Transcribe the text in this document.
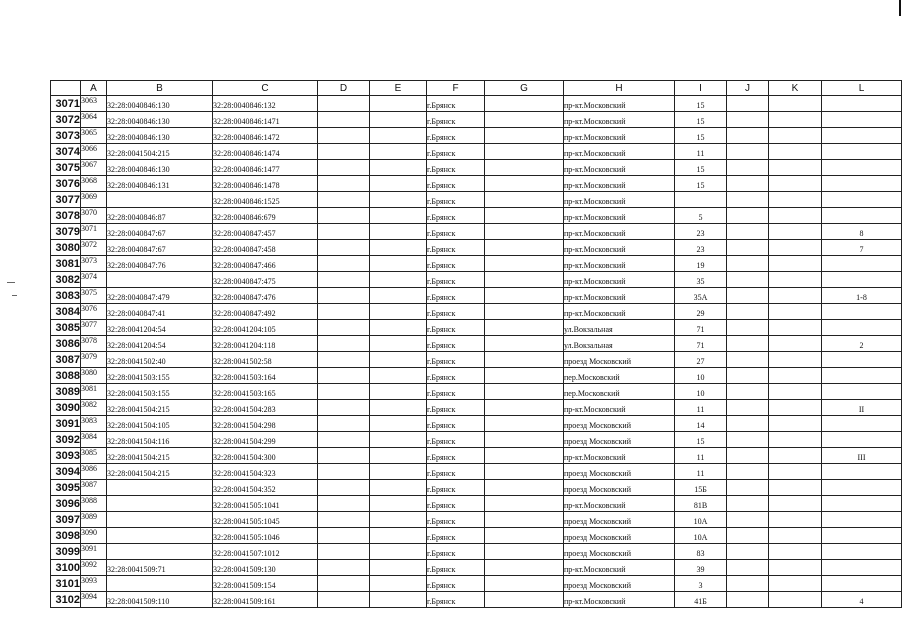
	A	B	C	D	E	F	G	H	I	J	K	L
3071	3063	32:28:0040846:130	32:28:0040846:132			г.Брянск		пр-кт.Московский	15			
3072	3064	32:28:0040846:130	32:28:0040846:1471			г.Брянск		пр-кт.Московский	15			
3073	3065	32:28:0040846:130	32:28:0040846:1472			г.Брянск		пр-кт.Московский	15			
3074	3066	32:28:0041504:215	32:28:0040846:1474			г.Брянск		пр-кт.Московский	11			
3075	3067	32:28:0040846:130	32:28:0040846:1477			г.Брянск		пр-кт.Московский	15			
3076	3068	32:28:0040846:131	32:28:0040846:1478			г.Брянск		пр-кт.Московский	15			
3077	3069		32:28:0040846:1525			г.Брянск		пр-кт.Московский				
3078	3070	32:28:0040846:87	32:28:0040846:679			г.Брянск		пр-кт.Московский	5			
3079	3071	32:28:0040847:67	32:28:0040847:457			г.Брянск		пр-кт.Московский	23			8
3080	3072	32:28:0040847:67	32:28:0040847:458			г.Брянск		пр-кт.Московский	23			7
3081	3073	32:28:0040847:76	32:28:0040847:466			г.Брянск		пр-кт.Московский	19			
3082	3074		32:28:0040847:475			г.Брянск		пр-кт.Московский	35			
3083	3075	32:28:0040847:479	32:28:0040847:476			г.Брянск		пр-кт.Московский	35А			1-8
3084	3076	32:28:0040847:41	32:28:0040847:492			г.Брянск		пр-кт.Московский	29			
3085	3077	32:28:0041204:54	32:28:0041204:105			г.Брянск		ул.Вокзальная	71			
3086	3078	32:28:0041204:54	32:28:0041204:118			г.Брянск		ул.Вокзальная	71			2
3087	3079	32:28:0041502:40	32:28:0041502:58			г.Брянск		проезд Московский	27			
3088	3080	32:28:0041503:155	32:28:0041503:164			г.Брянск		пер.Московский	10			
3089	3081	32:28:0041503:155	32:28:0041503:165			г.Брянск		пер.Московский	10			
3090	3082	32:28:0041504:215	32:28:0041504:283			г.Брянск		пр-кт.Московский	11			II
3091	3083	32:28:0041504:105	32:28:0041504:298			г.Брянск		проезд Московский	14			
3092	3084	32:28:0041504:116	32:28:0041504:299			г.Брянск		проезд Московский	15			
3093	3085	32:28:0041504:215	32:28:0041504:300			г.Брянск		пр-кт.Московский	11			III
3094	3086	32:28:0041504:215	32:28:0041504:323			г.Брянск		проезд Московский	11			
3095	3087		32:28:0041504:352			г.Брянск		проезд Московский	15Б			
3096	3088		32:28:0041505:1041			г.Брянск		пр-кт.Московский	81В			
3097	3089		32:28:0041505:1045			г.Брянск		проезд Московский	10А			
3098	3090		32:28:0041505:1046			г.Брянск		проезд Московский	10А			
3099	3091		32:28:0041507:1012			г.Брянск		проезд Московский	83			
3100	3092	32:28:0041509:71	32:28:0041509:130			г.Брянск		пр-кт.Московский	39			
3101	3093		32:28:0041509:154			г.Брянск		проезд Московский	3			
3102	3094	32:28:0041509:110	32:28:0041509:161			г.Брянск		пр-кт.Московский	41Б			4
